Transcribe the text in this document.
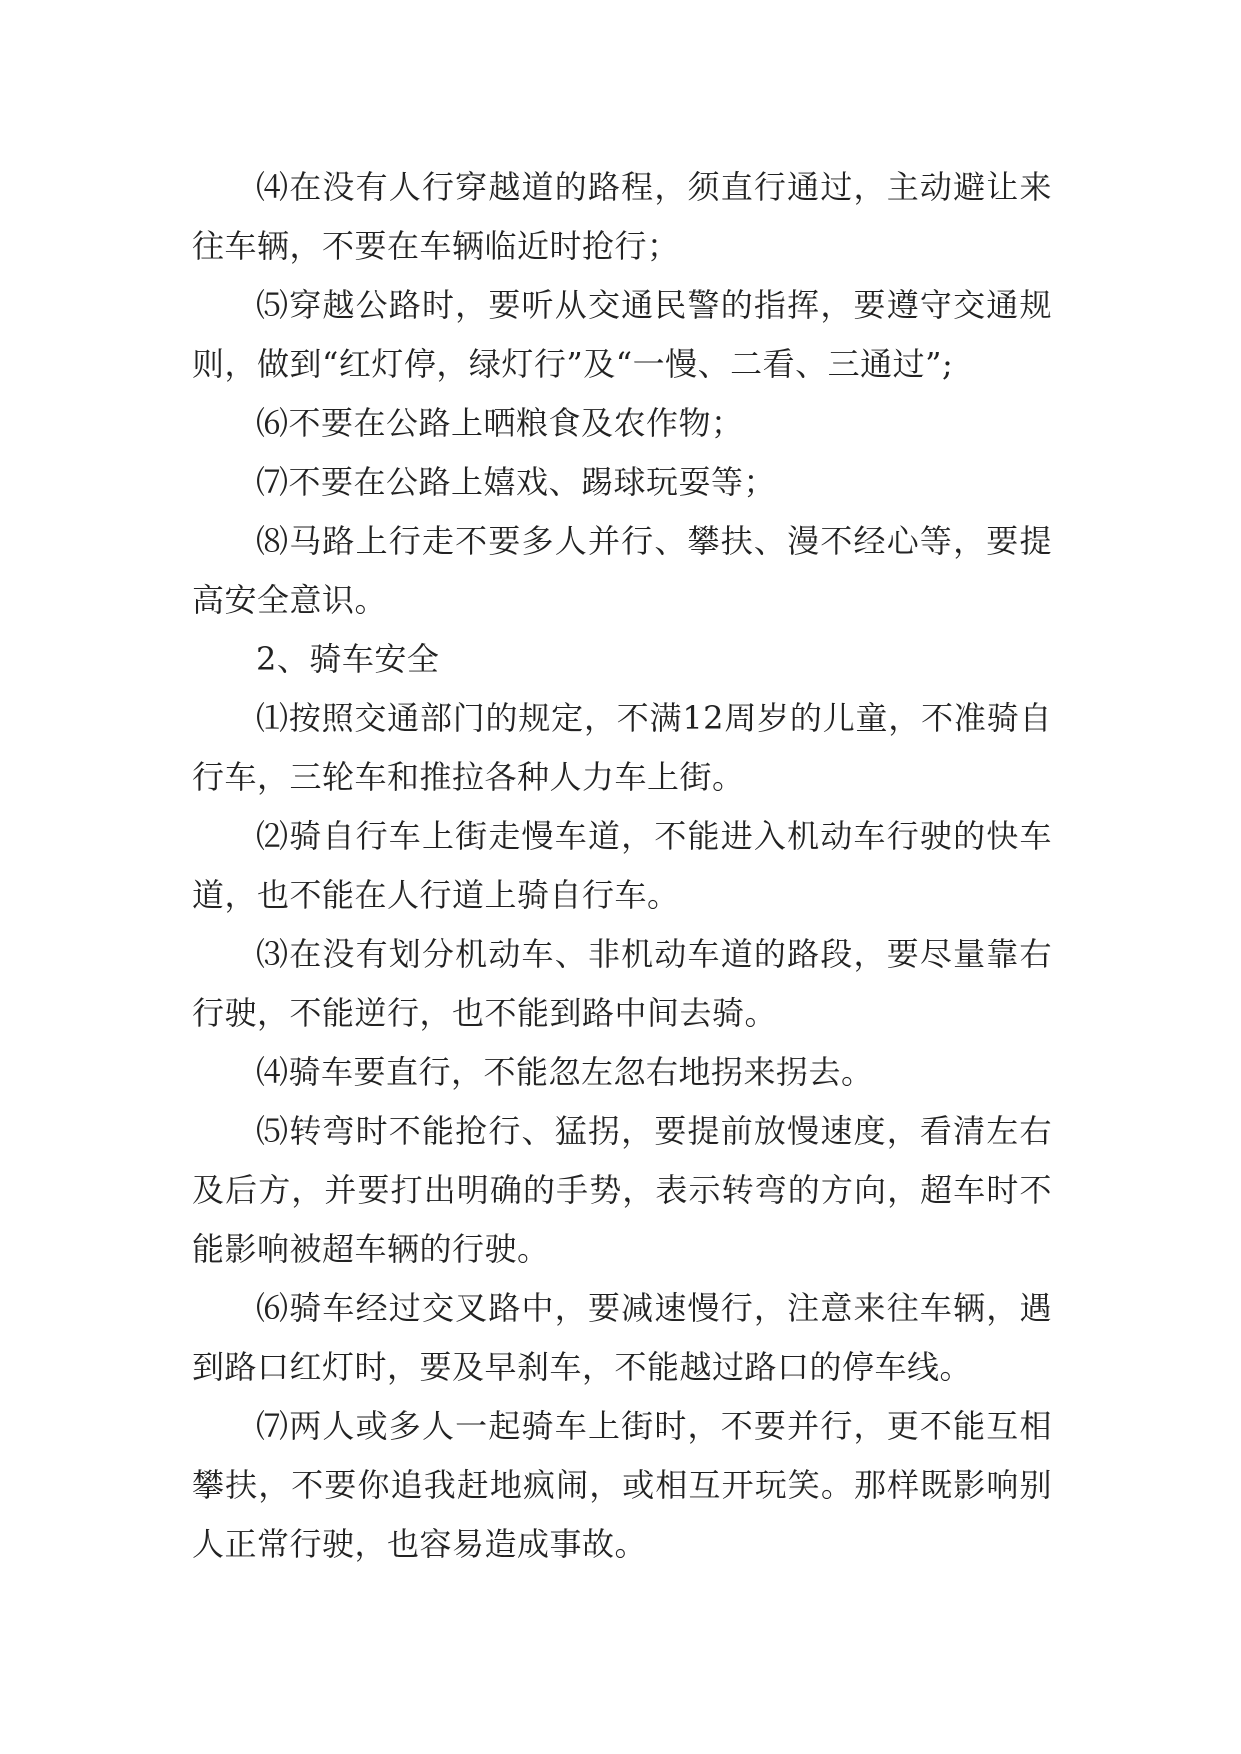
⑷在没有人行穿越道的路程，须直行通过，主动避让来往车辆，不要在车辆临近时抢行；

⑸穿越公路时，要听从交通民警的指挥，要遵守交通规则，做到“红灯停，绿灯行”及“一慢、二看、三通过”;

⑹不要在公路上晒粮食及农作物；

⑺不要在公路上嬉戏、踢球玩耍等；

⑻马路上行走不要多人并行、攀扶、漫不经心等，要提高安全意识。

2、骑车安全

⑴按照交通部门的规定，不满12周岁的儿童，不准骑自行车，三轮车和推拉各种人力车上街。

⑵骑自行车上街走慢车道，不能进入机动车行驶的快车道，也不能在人行道上骑自行车。

⑶在没有划分机动车、非机动车道的路段，要尽量靠右行驶，不能逆行，也不能到路中间去骑。

⑷骑车要直行，不能忽左忽右地拐来拐去。

⑸转弯时不能抢行、猛拐，要提前放慢速度，看清左右及后方，并要打出明确的手势，表示转弯的方向，超车时不能影响被超车辆的行驶。

⑹骑车经过交叉路中，要减速慢行，注意来往车辆，遇到路口红灯时，要及早刹车，不能越过路口的停车线。

⑺两人或多人一起骑车上街时，不要并行，更不能互相攀扶，不要你追我赶地疯闹，或相互开玩笑。那样既影响别人正常行驶，也容易造成事故。
